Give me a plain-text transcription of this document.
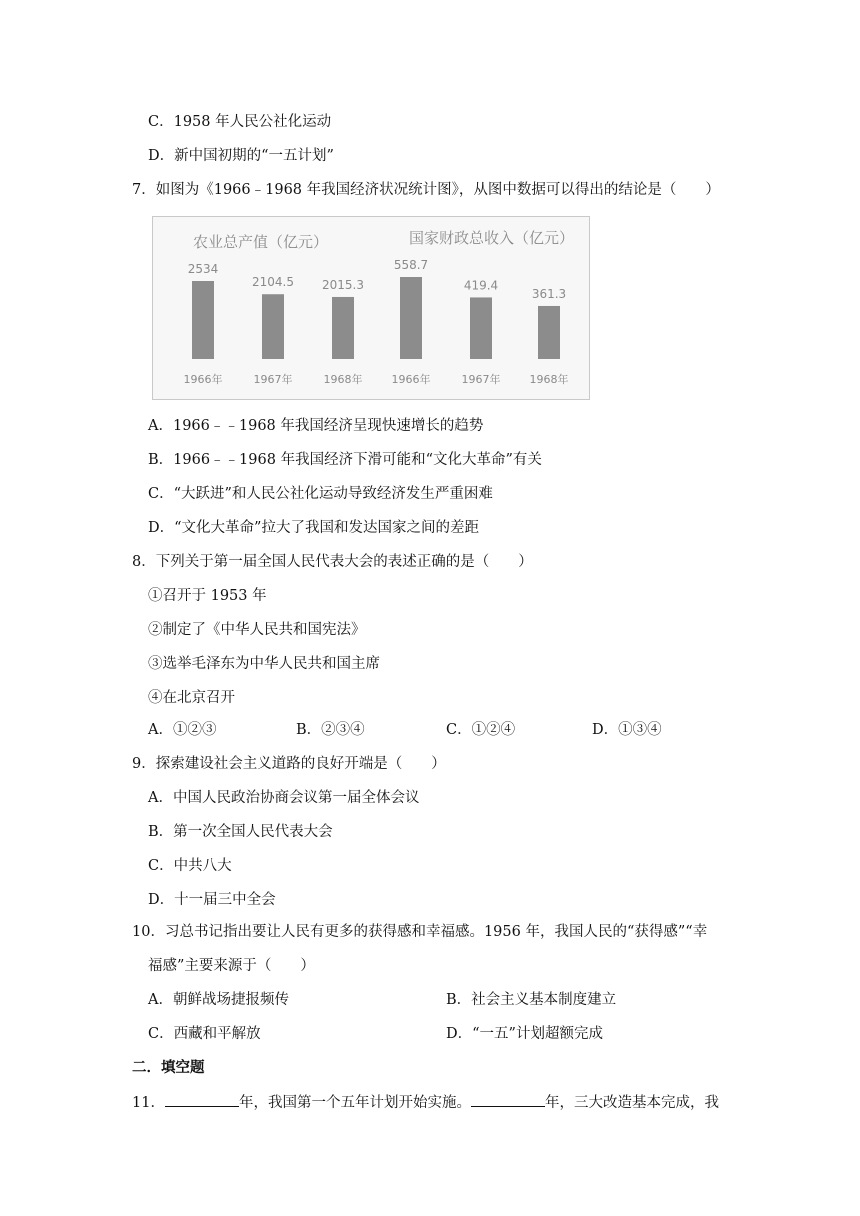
C．1958 年人民公社化运动
D．新中国初期的“一五计划”
7．如图为《1966﹣1968 年我国经济状况统计图》，从图中数据可以得出的结论是（　　）
农业总产值（亿元）	国家财政总收入（亿元）
2534
1966年
2104.5
1967年
2015.3
1968年
558.7
1966年
419.4
1967年
361.3
1968年
A．1966﹣﹣1968 年我国经济呈现快速增长的趋势
B．1966﹣﹣1968 年我国经济下滑可能和“文化大革命”有关
C．“大跃进”和人民公社化运动导致经济发生严重困难
D．“文化大革命”拉大了我国和发达国家之间的差距
8．下列关于第一届全国人民代表大会的表述正确的是（　　）
①召开于 1953 年
②制定了《中华人民共和国宪法》
③选举毛泽东为中华人民共和国主席
④在北京召开
A．①②③	B．②③④	C．①②④	D．①③④
9．探索建设社会主义道路的良好开端是（　　）
A．中国人民政治协商会议第一届全体会议
B．第一次全国人民代表大会
C．中共八大
D．十一届三中全会
10．习总书记指出要让人民有更多的获得感和幸福感。1956 年，我国人民的“获得感”“幸
福感”主要来源于（　　）
A．朝鲜战场捷报频传	B．社会主义基本制度建立
C．西藏和平解放	D．“一五”计划超额完成
二．填空题
11．	年，我国第一个五年计划开始实施。	年，三大改造基本完成，我
